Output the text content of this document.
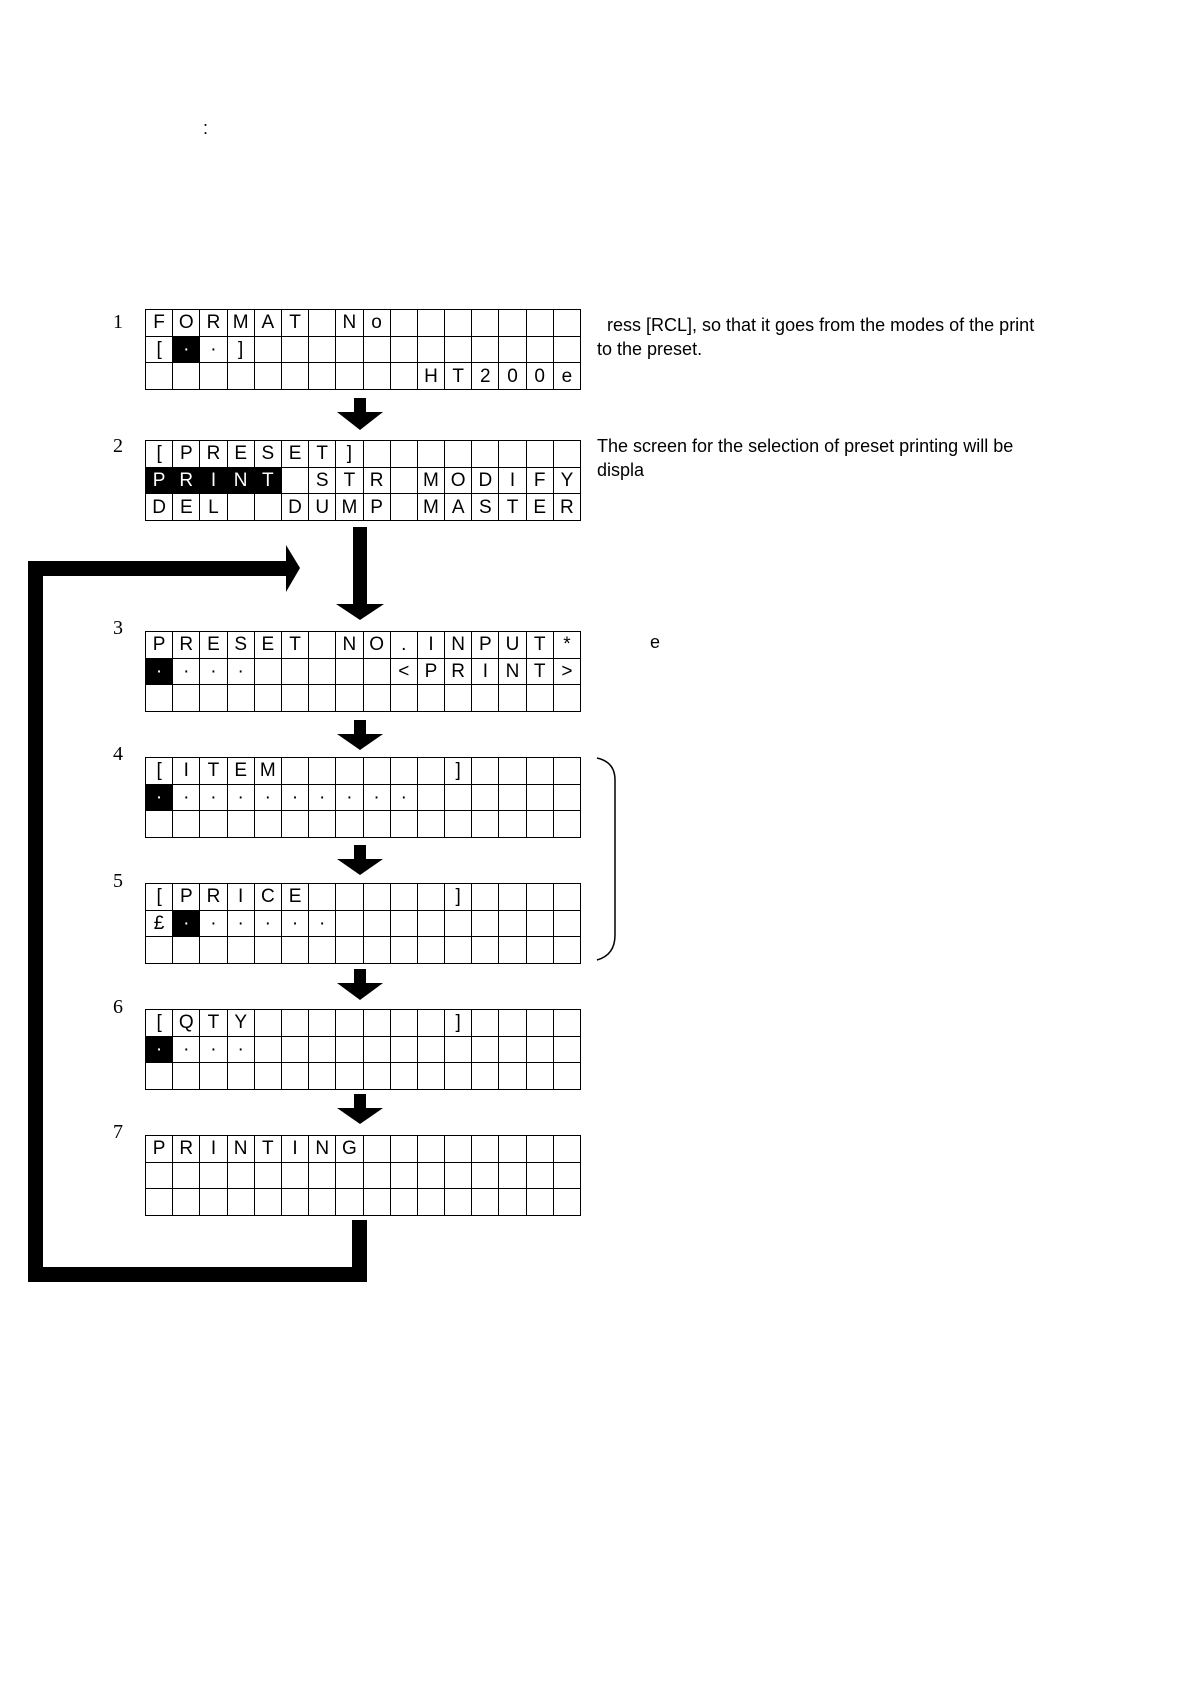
:
1
2
3
4
5
6
7
F O R M A T	N o
[	·	·	]
H T 2 0 0 e
[ P R E S E T ]
P R I N T	S T R	M O D I F Y
D E L	D U M P	M A S T E R
P R E S E T	N O .	I N P U T *
·	·	·	·	< P R I N T >
[	I T E M	]
·	·	·	·	·	·	·	·	·	·
[ P R I C E	]
£ ·	·	·	·	·	·
[ Q T Y	]
·	·	·	·
P R I N T I N G
ress [RCL], so that it goes from the modes of the print to the preset.
The screen for the selection of preset printing will be displa
e
